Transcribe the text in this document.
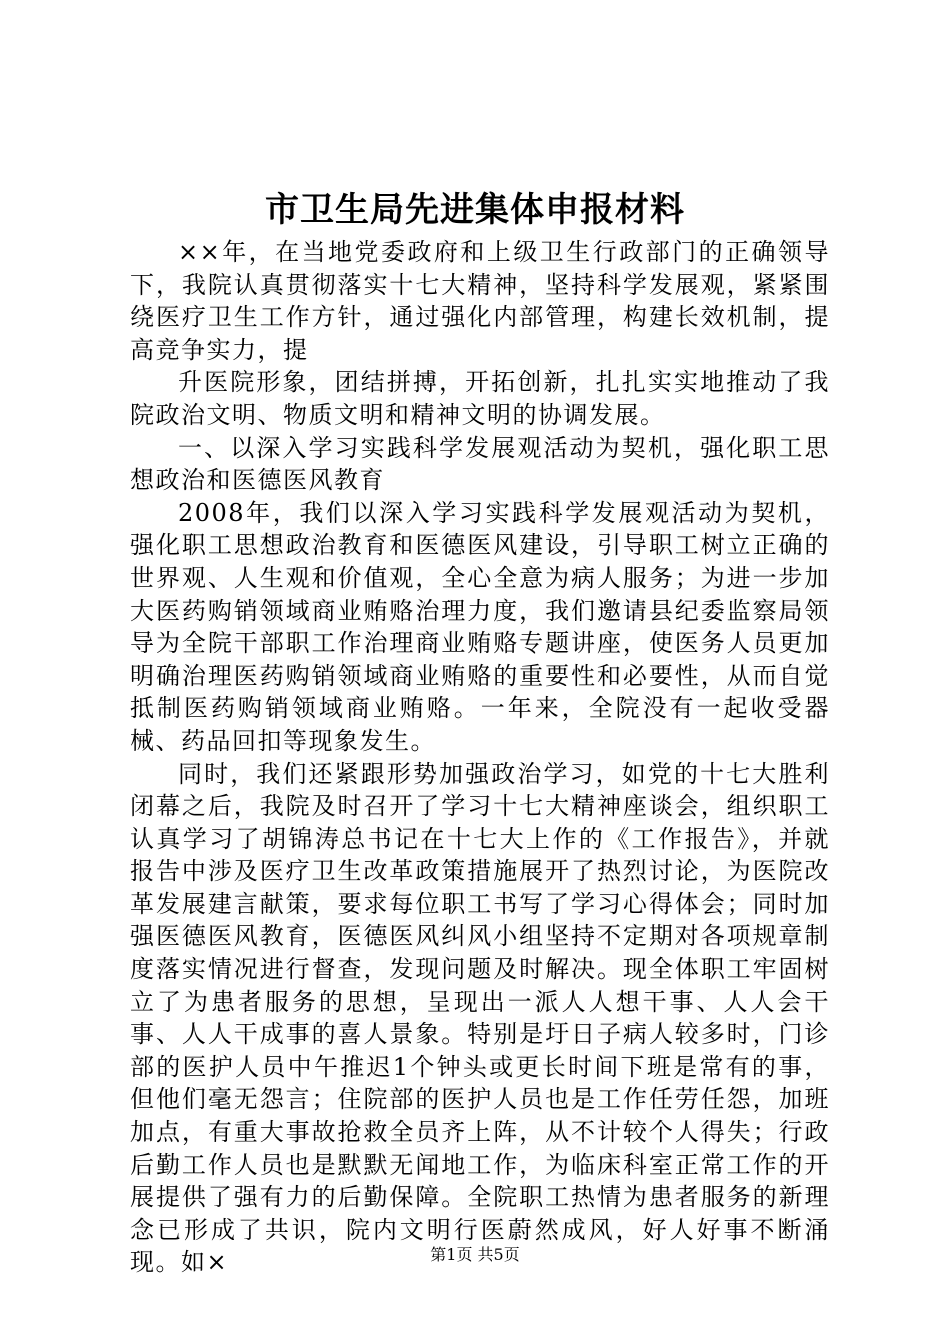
市卫生局先进集体申报材料

××年，在当地党委政府和上级卫生行政部门的正确领导下，我院认真贯彻落实十七大精神，坚持科学发展观，紧紧围绕医疗卫生工作方针，通过强化内部管理，构建长效机制，提高竞争实力，提

升医院形象，团结拼搏，开拓创新，扎扎实实地推动了我院政治文明、物质文明和精神文明的协调发展。

一、以深入学习实践科学发展观活动为契机，强化职工思想政治和医德医风教育

2008年，我们以深入学习实践科学发展观活动为契机，强化职工思想政治教育和医德医风建设，引导职工树立正确的世界观、人生观和价值观，全心全意为病人服务；为进一步加大医药购销领域商业贿赂治理力度，我们邀请县纪委监察局领导为全院干部职工作治理商业贿赂专题讲座，使医务人员更加明确治理医药购销领域商业贿赂的重要性和必要性，从而自觉抵制医药购销领域商业贿赂。一年来，全院没有一起收受器械、药品回扣等现象发生。

同时，我们还紧跟形势加强政治学习，如党的十七大胜利闭幕之后，我院及时召开了学习十七大精神座谈会，组织职工认真学习了胡锦涛总书记在十七大上作的《工作报告》，并就报告中涉及医疗卫生改革政策措施展开了热烈讨论，为医院改革发展建言献策，要求每位职工书写了学习心得体会；同时加强医德医风教育，医德医风纠风小组坚持不定期对各项规章制度落实情况进行督查，发现问题及时解决。现全体职工牢固树立了为患者服务的思想，呈现出一派人人想干事、人人会干事、人人干成事的喜人景象。特别是圩日子病人较多时，门诊部的医护人员中午推迟1个钟头或更长时间下班是常有的事，但他们毫无怨言；住院部的医护人员也是工作任劳任怨，加班加点，有重大事故抢救全员齐上阵，从不计较个人得失；行政后勤工作人员也是默默无闻地工作，为临床科室正常工作的开展提供了强有力的后勤保障。全院职工热情为患者服务的新理念已形成了共识，院内文明行医蔚然成风，好人好事不断涌现。如×	第1页 共5页
